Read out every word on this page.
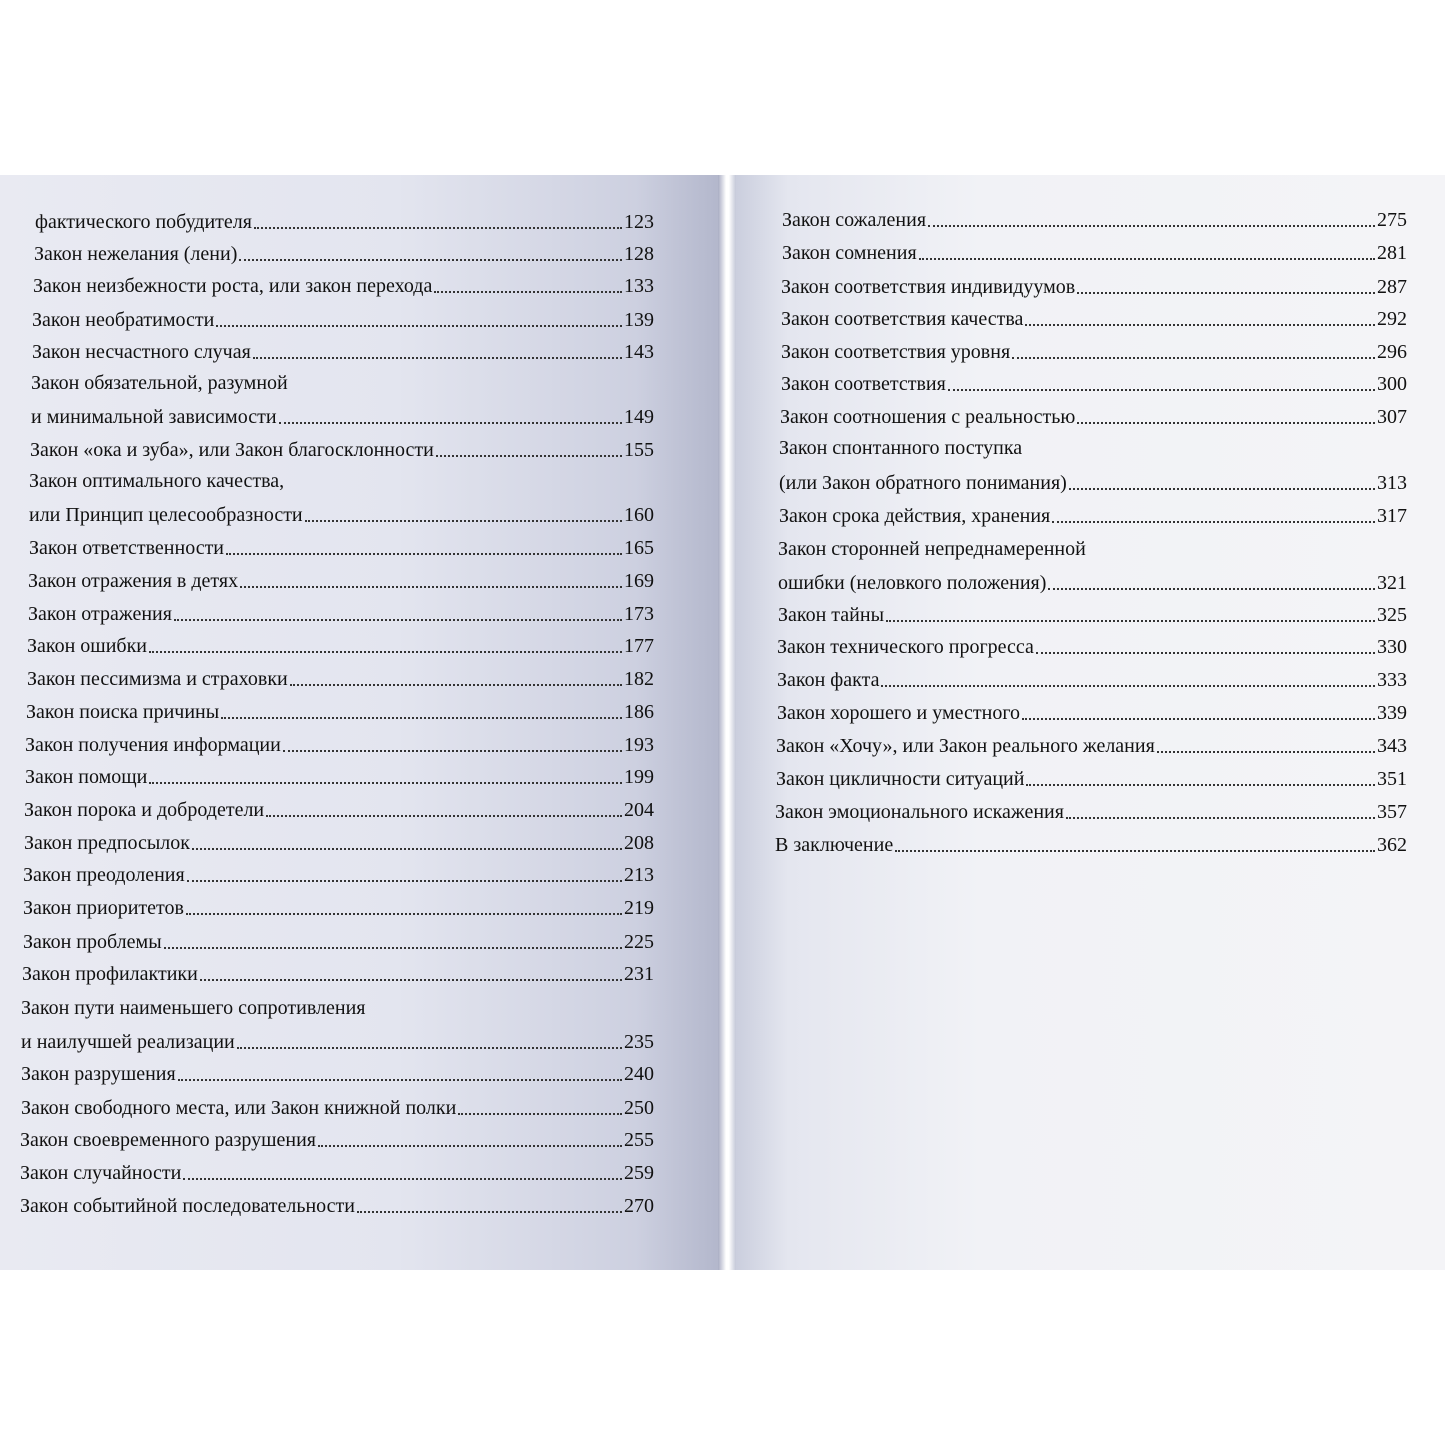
фактического побудителя	123
Закон нежелания (лени)	128
Закон неизбежности роста, или закон перехода	133
Закон необратимости	139
Закон несчастного случая	143
Закон обязательной, разумной
и минимальной зависимости	149
Закон «ока и зуба», или Закон благосклонности	155
Закон оптимального качества,
или Принцип целесообразности	160
Закон ответственности	165
Закон отражения в детях	169
Закон отражения	173
Закон ошибки	177
Закон пессимизма и страховки	182
Закон поиска причины	186
Закон получения информации	193
Закон помощи	199
Закон порока и добродетели	204
Закон предпосылок	208
Закон преодоления	213
Закон приоритетов	219
Закон проблемы	225
Закон профилактики	231
Закон пути наименьшего сопротивления
и наилучшей реализации	235
Закон разрушения	240
Закон свободного места, или Закон книжной полки	250
Закон своевременного разрушения	255
Закон случайности	259
Закон событийной последовательности	270
Закон сожаления	275
Закон сомнения	281
Закон соответствия индивидуумов	287
Закон соответствия качества	292
Закон соответствия уровня	296
Закон соответствия	300
Закон соотношения с реальностью	307
Закон спонтанного поступка
(или Закон обратного понимания)	313
Закон срока действия, хранения	317
Закон сторонней непреднамеренной
ошибки (неловкого положения)	321
Закон тайны	325
Закон технического прогресса	330
Закон факта	333
Закон хорошего и уместного	339
Закон «Хочу», или Закон реального желания	343
Закон цикличности ситуаций	351
Закон эмоционального искажения	357
В заключение	362
